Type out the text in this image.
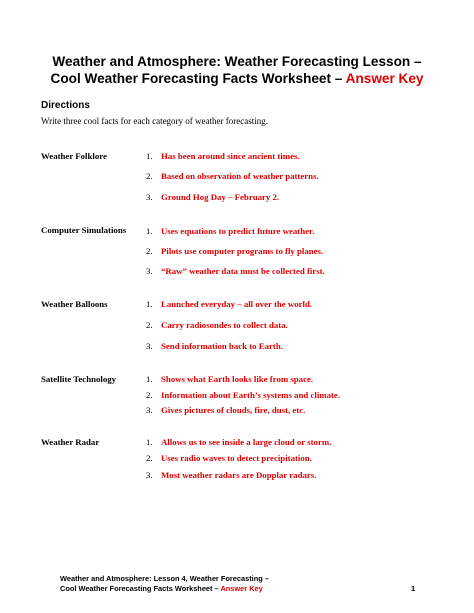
Weather and Atmosphere: Weather Forecasting Lesson –
Cool Weather Forecasting Facts Worksheet – Answer Key
Directions
Write three cool facts for each category of weather forecasting.
Weather Folklore	1. Has been around since ancient times.
2. Based on observation of weather patterns.
3. Ground Hog Day – February 2.
Computer Simulations 1. Uses equations to predict future weather.
2. Pilots use computer programs to fly planes.
3. “Raw” weather data must be collected first.
Weather Balloons	1. Launched everyday – all over the world.
2. Carry radiosondes to collect data.
3. Send information back to Earth.
Satellite Technology	1. Shows what Earth looks like from space.
2. Information about Earth’s systems and climate.
3. Gives pictures of clouds, fire, dust, etc.
Weather Radar	1. Allows us to see inside a large cloud or storm.
2. Uses radio waves to detect precipitation.
3. Most weather radars are Dopplar radars.
Weather and Atmosphere: Lesson 4, Weather Forecasting –
Cool Weather Forecasting Facts Worksheet – Answer Key	1
